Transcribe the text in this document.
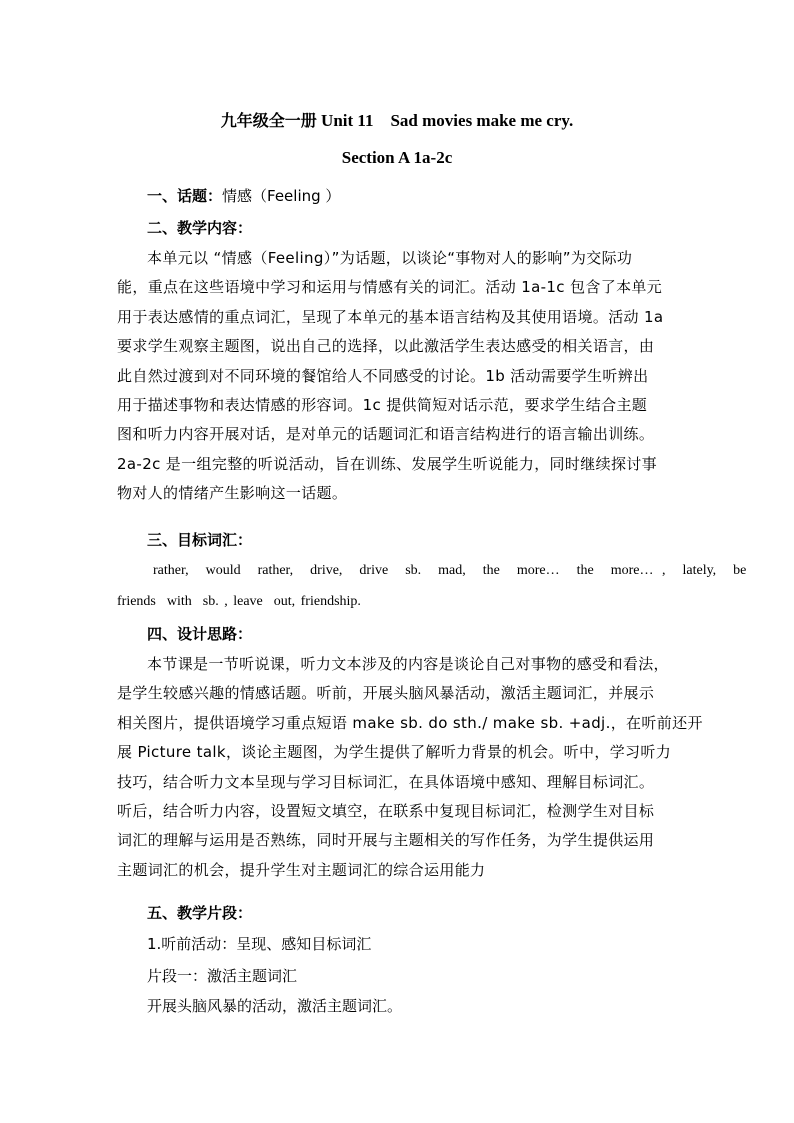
九年级全一册 Unit 11    Sad movies make me cry.
Section A 1a-2c
一、话题：情感（Feeling ）
二、教学内容：
本单元以 “情感（Feeling）”为话题，以谈论“事物对人的影响”为交际功
能，重点在这些语境中学习和运用与情感有关的词汇。活动 1a-1c 包含了本单元
用于表达感情的重点词汇，呈现了本单元的基本语言结构及其使用语境。活动 1a
要求学生观察主题图，说出自己的选择，以此激活学生表达感受的相关语言，由
此自然过渡到对不同环境的餐馆给人不同感受的讨论。1b 活动需要学生听辨出
用于描述事物和表达情感的形容词。1c 提供简短对话示范，要求学生结合主题
图和听力内容开展对话，是对单元的话题词汇和语言结构进行的语言输出训练。
2a-2c 是一组完整的听说活动，旨在训练、发展学生听说能力，同时继续探讨事
物对人的情绪产生影响这一话题。
三、目标词汇：
rather,  would  rather,  drive,  drive  sb.  mad,  the  more…  the  more… ,  lately,  be
friends  with  sb. , leave  out, friendship.
四、设计思路：
本节课是一节听说课，听力文本涉及的内容是谈论自己对事物的感受和看法，
是学生较感兴趣的情感话题。听前，开展头脑风暴活动，激活主题词汇，并展示
相关图片，提供语境学习重点短语 make sb. do sth./ make sb. +adj.，在听前还开
展 Picture talk，谈论主题图，为学生提供了解听力背景的机会。听中，学习听力
技巧，结合听力文本呈现与学习目标词汇，在具体语境中感知、理解目标词汇。
听后，结合听力内容，设置短文填空，在联系中复现目标词汇，检测学生对目标
词汇的理解与运用是否熟练，同时开展与主题相关的写作任务，为学生提供运用
主题词汇的机会，提升学生对主题词汇的综合运用能力
五、教学片段：
1.听前活动：呈现、感知目标词汇
片段一：激活主题词汇
开展头脑风暴的活动，激活主题词汇。
